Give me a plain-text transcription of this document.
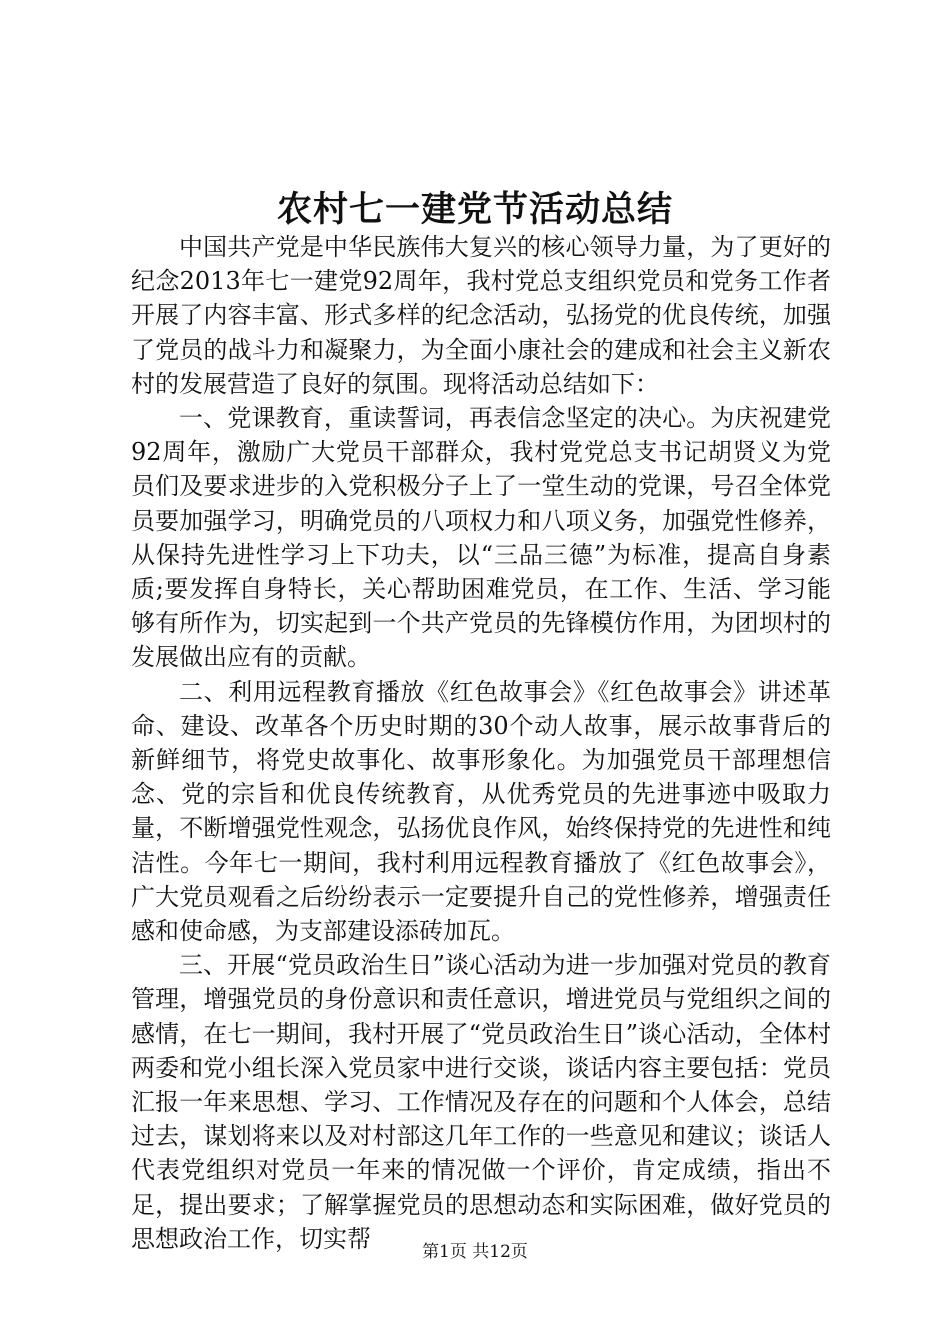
农村七一建党节活动总结

中国共产党是中华民族伟大复兴的核心领导力量，为了更好的纪念2013年七一建党92周年，我村党总支组织党员和党务工作者开展了内容丰富、形式多样的纪念活动，弘扬党的优良传统，加强了党员的战斗力和凝聚力，为全面小康社会的建成和社会主义新农村的发展营造了良好的氛围。现将活动总结如下：

一、党课教育，重读誓词，再表信念坚定的决心。为庆祝建党92周年，激励广大党员干部群众，我村党党总支书记胡贤义为党员们及要求进步的入党积极分子上了一堂生动的党课，号召全体党员要加强学习，明确党员的八项权力和八项义务，加强党性修养，从保持先进性学习上下功夫，以“三品三德”为标准，提高自身素质;要发挥自身特长，关心帮助困难党员，在工作、生活、学习能够有所作为，切实起到一个共产党员的先锋模仿作用，为团坝村的发展做出应有的贡献。

二、利用远程教育播放《红色故事会》《红色故事会》讲述革命、建设、改革各个历史时期的30个动人故事，展示故事背后的新鲜细节，将党史故事化、故事形象化。为加强党员干部理想信念、党的宗旨和优良传统教育，从优秀党员的先进事迹中吸取力量，不断增强党性观念，弘扬优良作风，始终保持党的先进性和纯洁性。今年七一期间，我村利用远程教育播放了《红色故事会》，广大党员观看之后纷纷表示一定要提升自己的党性修养，增强责任感和使命感，为支部建设添砖加瓦。

三、开展“党员政治生日”谈心活动为进一步加强对党员的教育管理，增强党员的身份意识和责任意识，增进党员与党组织之间的感情，在七一期间，我村开展了“党员政治生日”谈心活动，全体村两委和党小组长深入党员家中进行交谈，谈话内容主要包括：党员汇报一年来思想、学习、工作情况及存在的问题和个人体会，总结过去，谋划将来以及对村部这几年工作的一些意见和建议；谈话人代表党组织对党员一年来的情况做一个评价，肯定成绩，指出不足，提出要求；了解掌握党员的思想动态和实际困难，做好党员的思想政治工作，切实帮	第1页 共12页
